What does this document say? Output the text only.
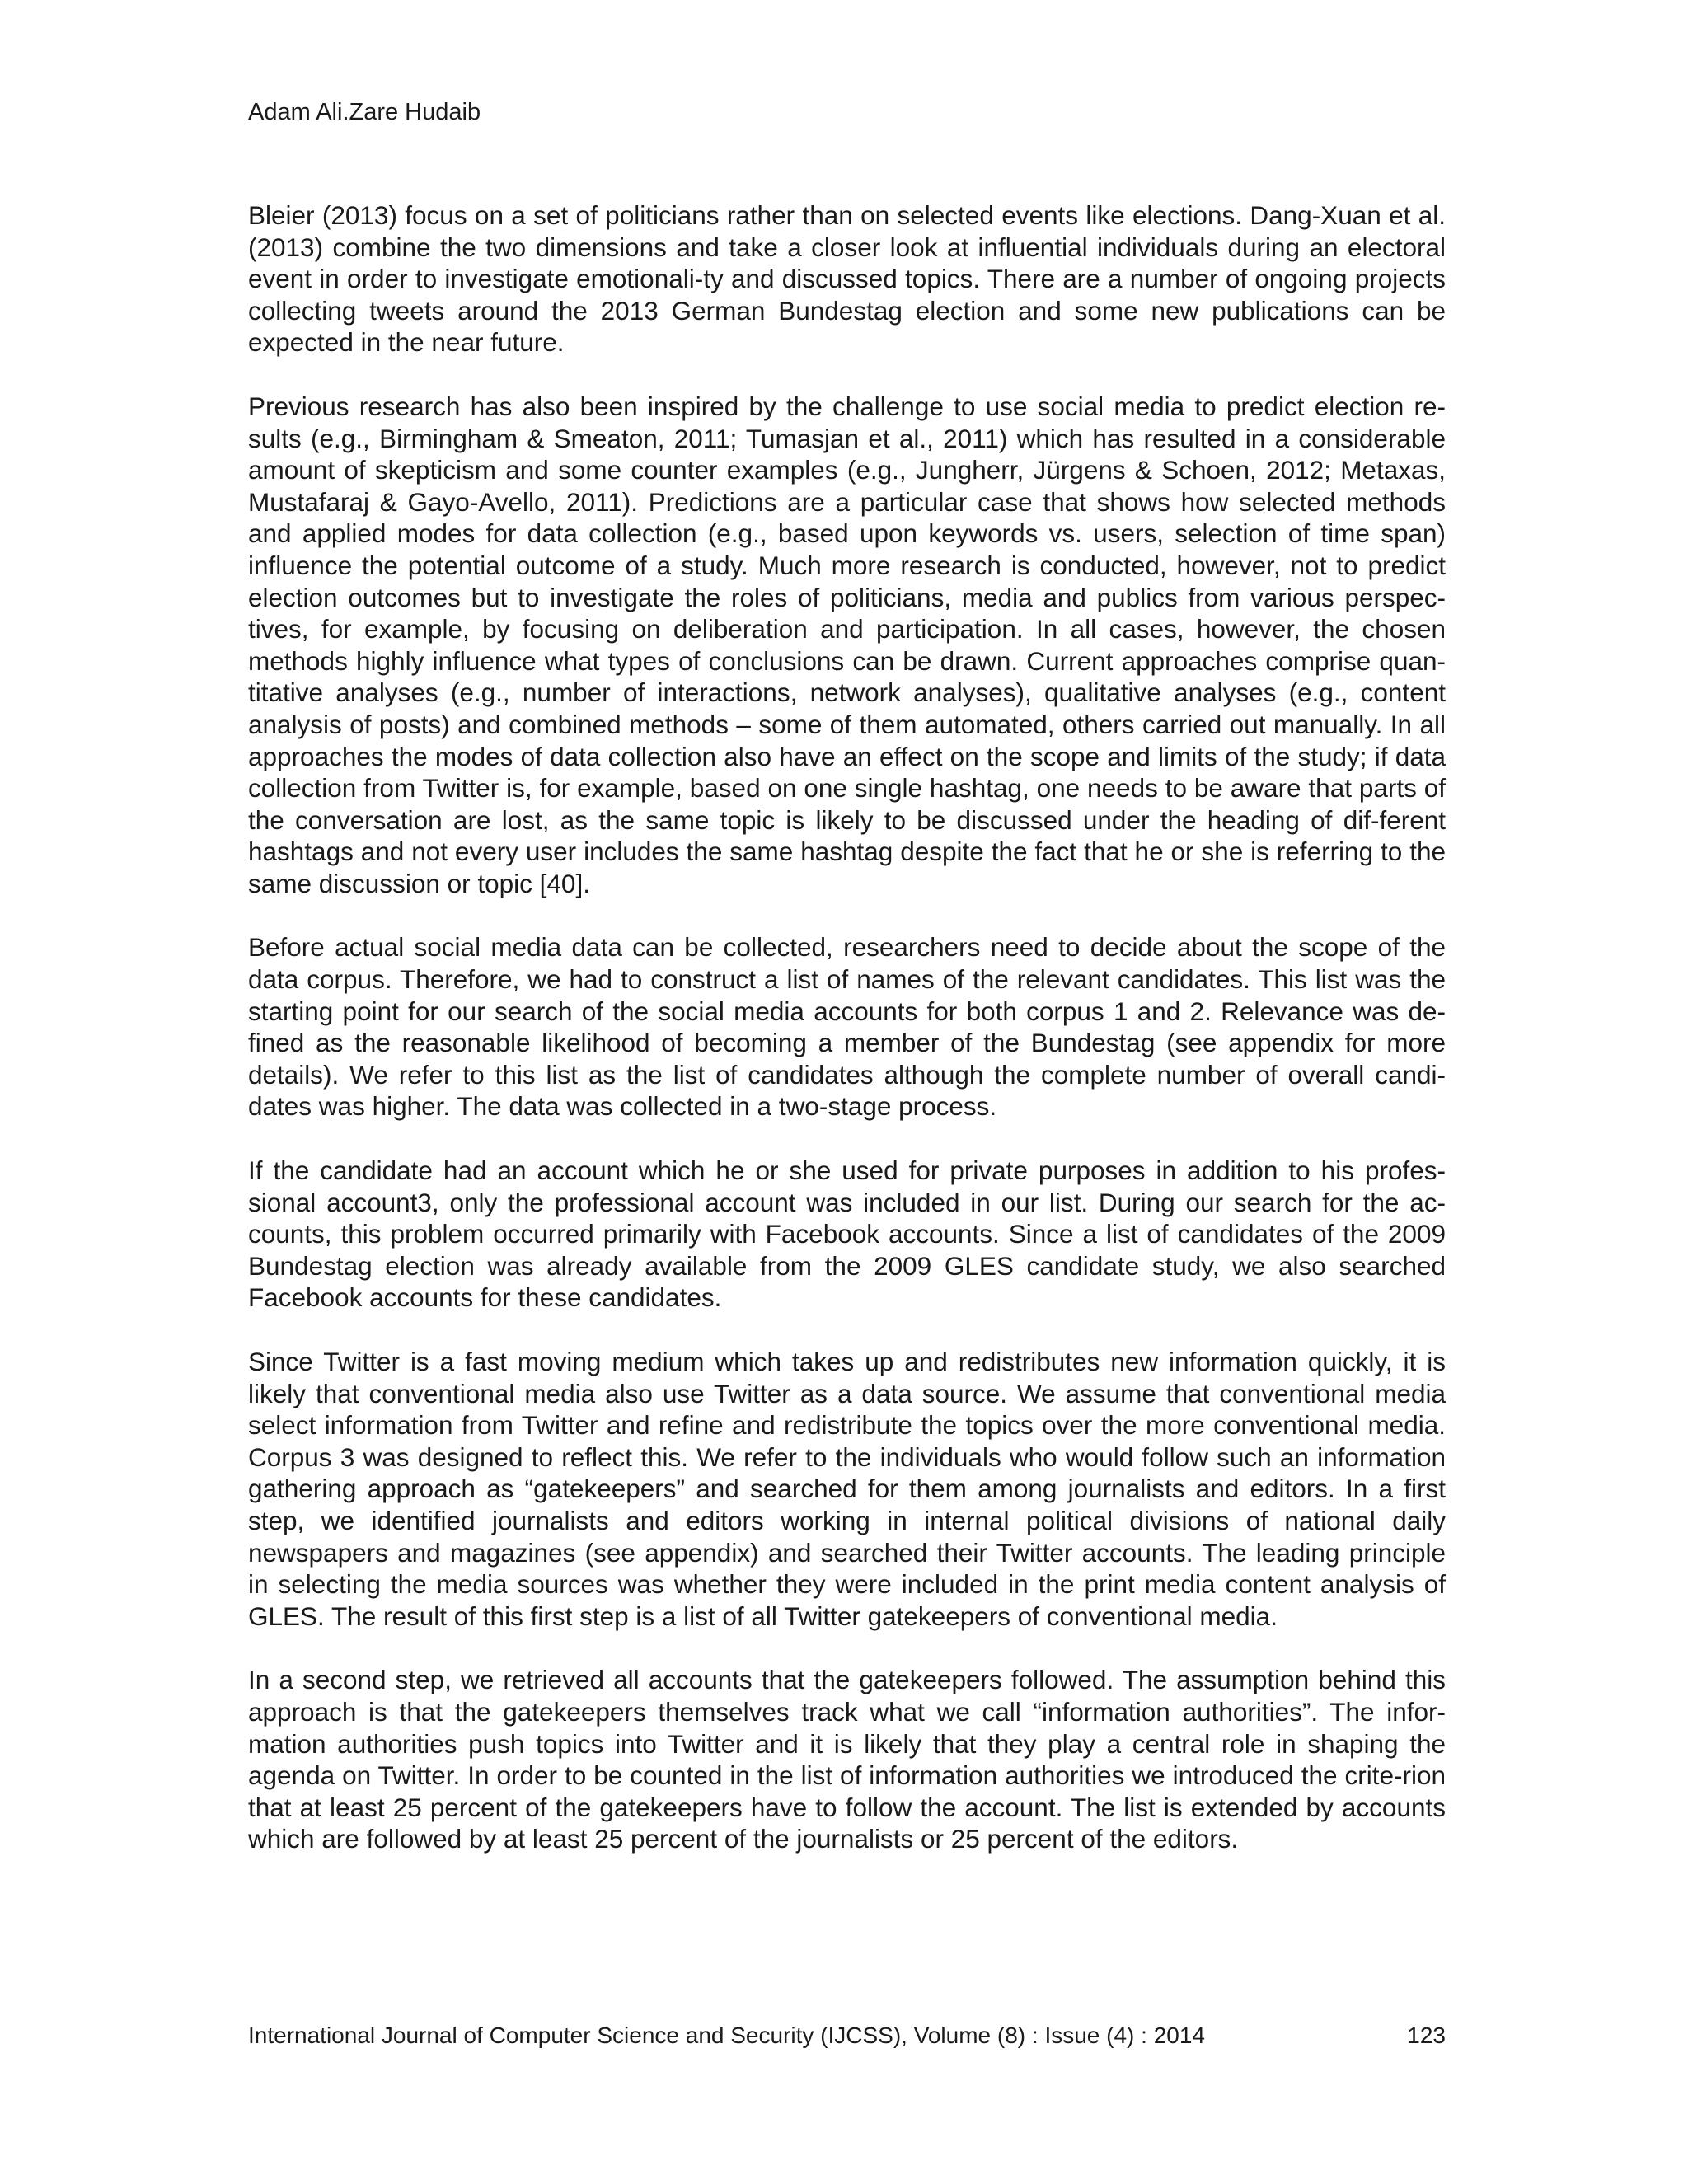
Adam Ali.Zare Hudaib

Bleier (2013) focus on a set of politicians rather than on selected events like elections. Dang-Xuan et al. (2013) combine the two dimensions and take a closer look at influential individuals during an electoral event in order to investigate emotionali-ty and discussed topics. There are a number of ongoing projects collecting tweets around the 2013 German Bundestag election and some new publications can be expected in the near future.

Previous research has also been inspired by the challenge to use social media to predict election re-sults (e.g., Birmingham & Smeaton, 2011; Tumasjan et al., 2011) which has resulted in a considerable amount of skepticism and some counter examples (e.g., Jungherr, Jürgens & Schoen, 2012; Metaxas, Mustafaraj & Gayo-Avello, 2011). Predictions are a particular case that shows how selected methods and applied modes for data collection (e.g., based upon keywords vs. users, selection of time span) influence the potential outcome of a study. Much more research is conducted, however, not to predict election outcomes but to investigate the roles of politicians, media and publics from various perspec-tives, for example, by focusing on deliberation and participation. In all cases, however, the chosen methods highly influence what types of conclusions can be drawn. Current approaches comprise quan-titative analyses (e.g., number of interactions, network analyses), qualitative analyses (e.g., content analysis of posts) and combined methods – some of them automated, others carried out manually. In all approaches the modes of data collection also have an effect on the scope and limits of the study; if data collection from Twitter is, for example, based on one single hashtag, one needs to be aware that parts of the conversation are lost, as the same topic is likely to be discussed under the heading of dif-ferent hashtags and not every user includes the same hashtag despite the fact that he or she is referring to the same discussion or topic [40].

Before actual social media data can be collected, researchers need to decide about the scope of the data corpus. Therefore, we had to construct a list of names of the relevant candidates. This list was the starting point for our search of the social media accounts for both corpus 1 and 2. Relevance was de-fined as the reasonable likelihood of becoming a member of the Bundestag (see appendix for more details). We refer to this list as the list of candidates although the complete number of overall candi-dates was higher. The data was collected in a two-stage process.

If the candidate had an account which he or she used for private purposes in addition to his profes-sional account3, only the professional account was included in our list. During our search for the ac-counts, this problem occurred primarily with Facebook accounts. Since a list of candidates of the 2009 Bundestag election was already available from the 2009 GLES candidate study, we also searched Facebook accounts for these candidates.

Since Twitter is a fast moving medium which takes up and redistributes new information quickly, it is likely that conventional media also use Twitter as a data source. We assume that conventional media select information from Twitter and refine and redistribute the topics over the more conventional media. Corpus 3 was designed to reflect this. We refer to the individuals who would follow such an information gathering approach as “gatekeepers” and searched for them among journalists and editors. In a first step, we identified journalists and editors working in internal political divisions of national daily newspapers and magazines (see appendix) and searched their Twitter accounts. The leading principle in selecting the media sources was whether they were included in the print media content analysis of GLES. The result of this first step is a list of all Twitter gatekeepers of conventional media.

In a second step, we retrieved all accounts that the gatekeepers followed. The assumption behind this approach is that the gatekeepers themselves track what we call “information authorities”. The infor-mation authorities push topics into Twitter and it is likely that they play a central role in shaping the agenda on Twitter. In order to be counted in the list of information authorities we introduced the crite-rion that at least 25 percent of the gatekeepers have to follow the account. The list is extended by accounts which are followed by at least 25 percent of the journalists or 25 percent of the editors.

International Journal of Computer Science and Security (IJCSS), Volume (8) : Issue (4) : 2014	123
